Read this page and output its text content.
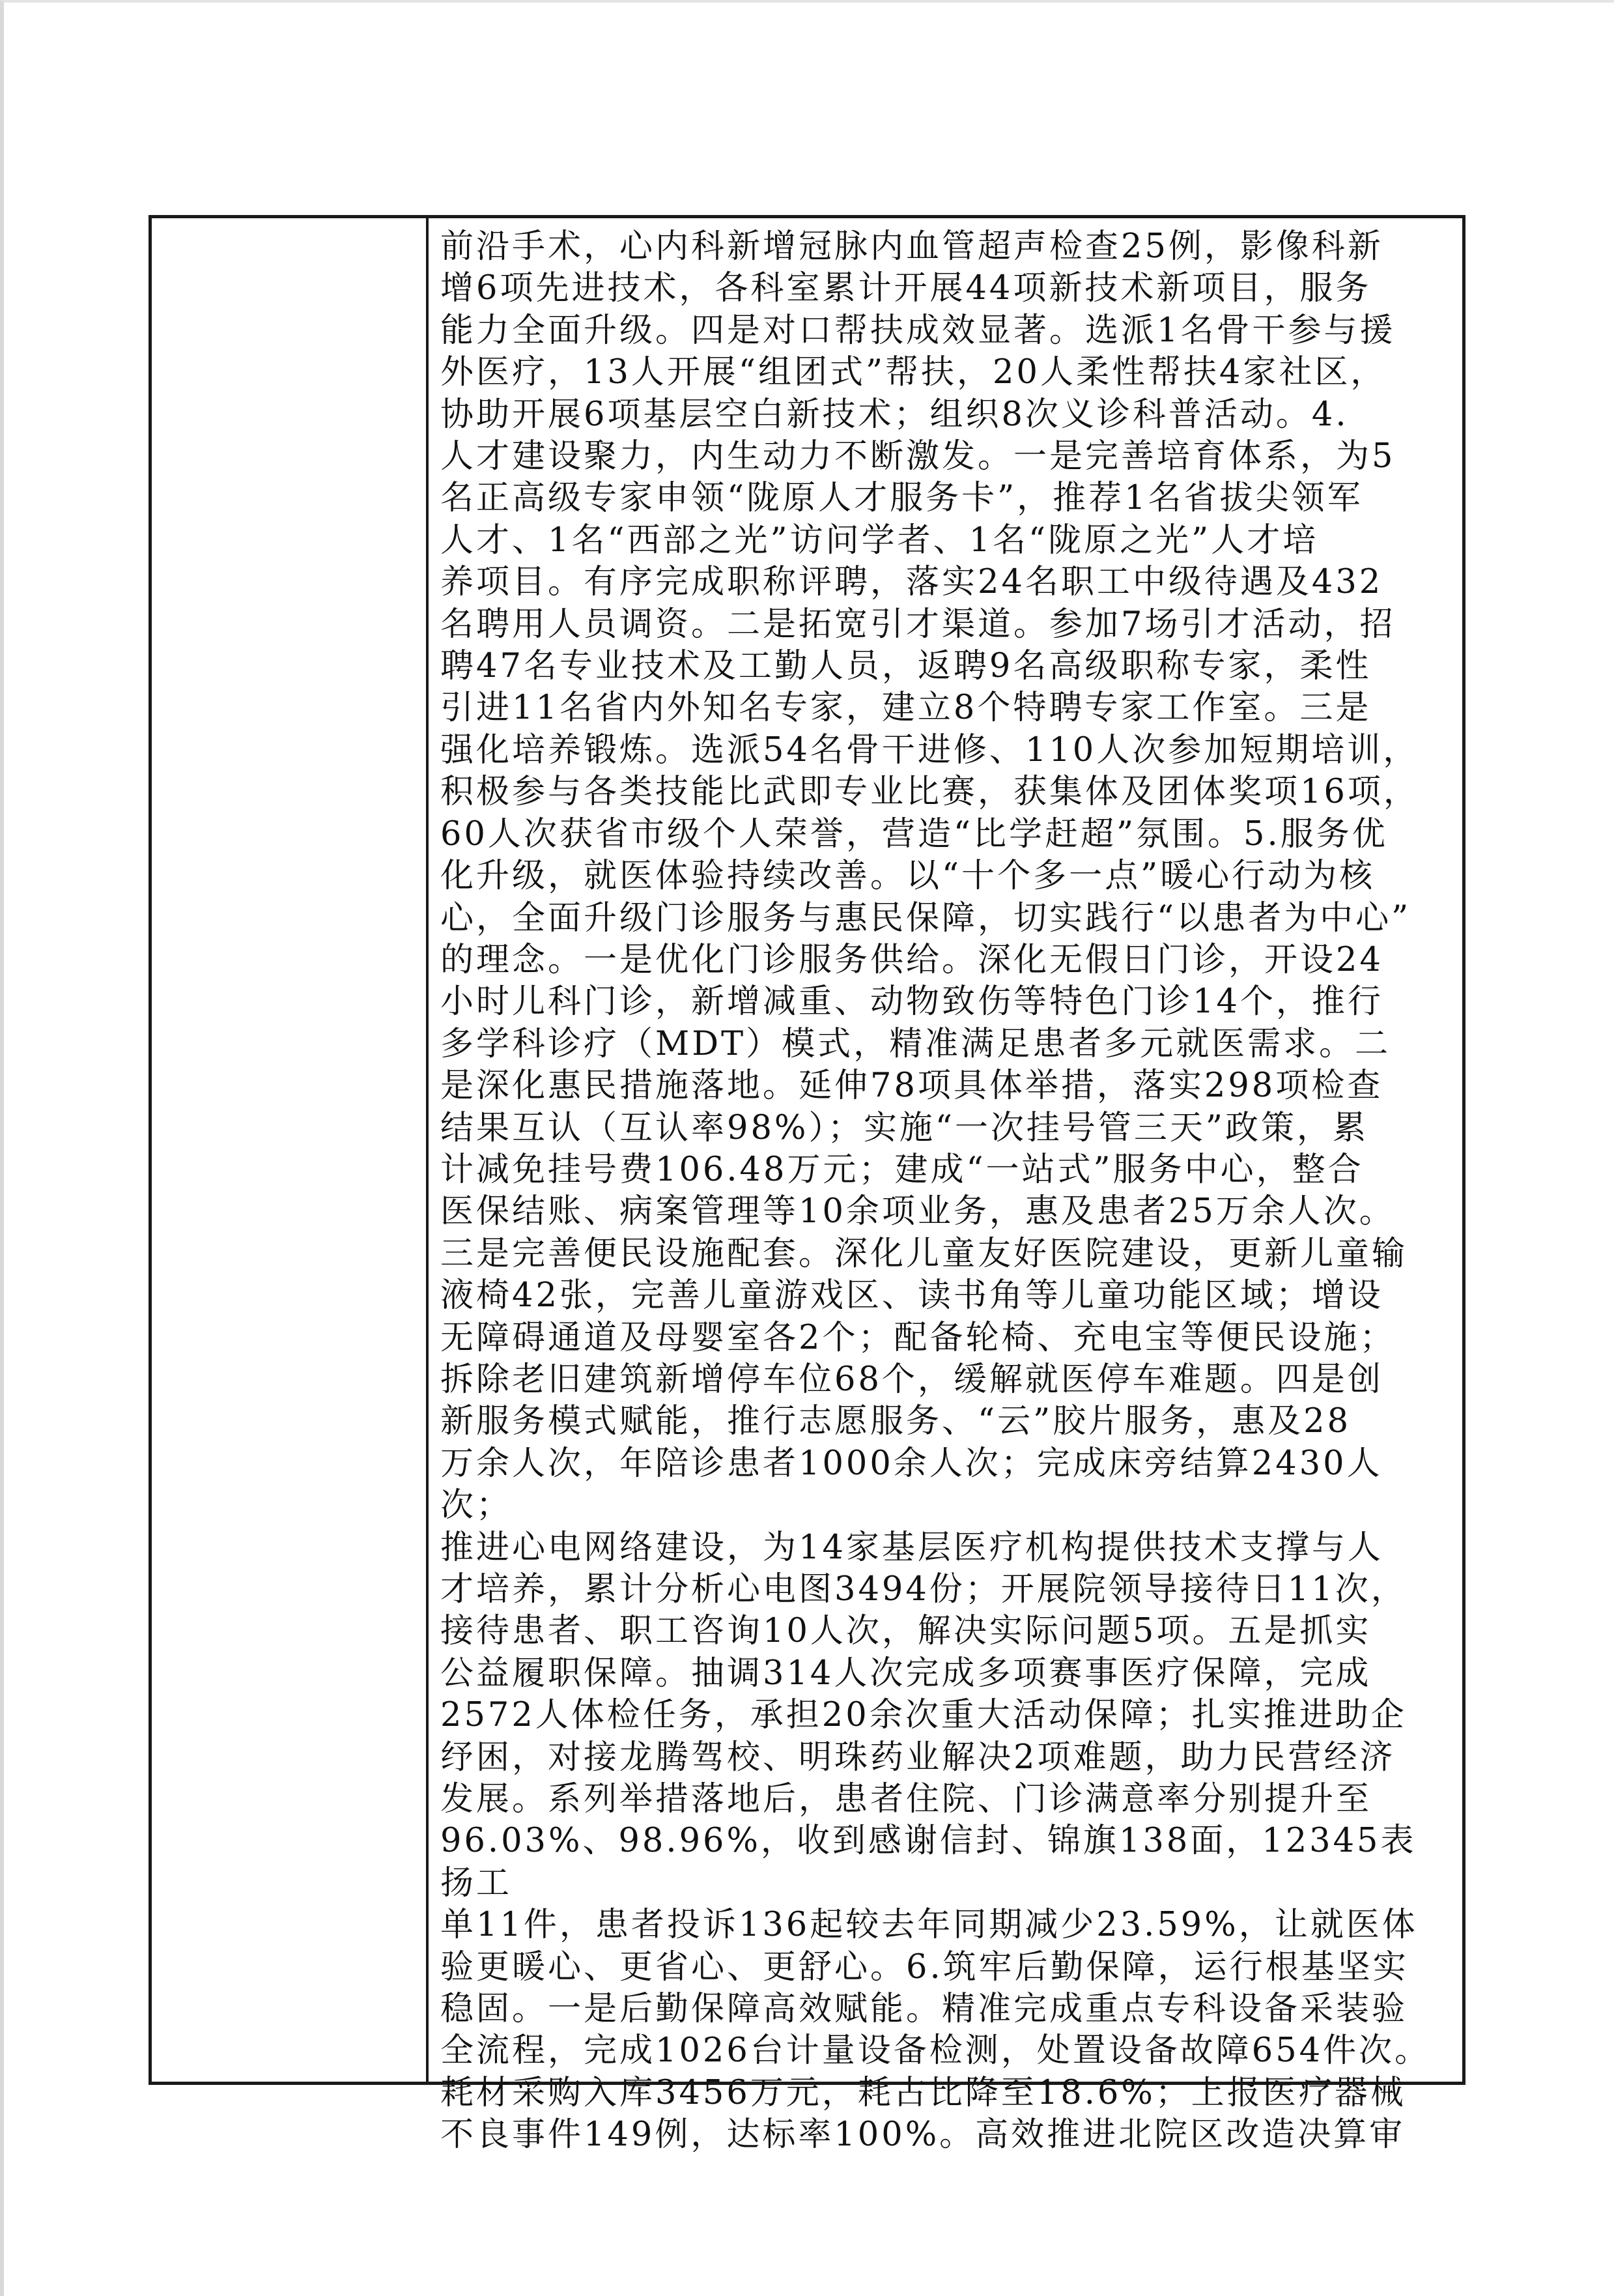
前沿手术，心内科新增冠脉内血管超声检查25例，影像科新
增6项先进技术，各科室累计开展44项新技术新项目，服务
能力全面升级。四是对口帮扶成效显著。选派1名骨干参与援
外医疗，13人开展“组团式”帮扶，20人柔性帮扶4家社区，
协助开展6项基层空白新技术；组织8次义诊科普活动。4.
人才建设聚力，内生动力不断激发。一是完善培育体系，为5
名正高级专家申领“陇原人才服务卡”，推荐1名省拔尖领军
人才、1名“西部之光”访问学者、1名“陇原之光”人才培
养项目。有序完成职称评聘，落实24名职工中级待遇及432
名聘用人员调资。二是拓宽引才渠道。参加7场引才活动，招
聘47名专业技术及工勤人员，返聘9名高级职称专家，柔性
引进11名省内外知名专家，建立8个特聘专家工作室。三是
强化培养锻炼。选派54名骨干进修、110人次参加短期培训，
积极参与各类技能比武即专业比赛，获集体及团体奖项16项，
60人次获省市级个人荣誉，营造“比学赶超”氛围。5.服务优
化升级，就医体验持续改善。以“十个多一点”暖心行动为核
心，全面升级门诊服务与惠民保障，切实践行“以患者为中心”
的理念。一是优化门诊服务供给。深化无假日门诊，开设24
小时儿科门诊，新增减重、动物致伤等特色门诊14个，推行
多学科诊疗（MDT）模式，精准满足患者多元就医需求。二
是深化惠民措施落地。延伸78项具体举措，落实298项检查
结果互认（互认率98%）；实施“一次挂号管三天”政策，累
计减免挂号费106.48万元；建成“一站式”服务中心，整合
医保结账、病案管理等10余项业务，惠及患者25万余人次。
三是完善便民设施配套。深化儿童友好医院建设，更新儿童输
液椅42张，完善儿童游戏区、读书角等儿童功能区域；增设
无障碍通道及母婴室各2个；配备轮椅、充电宝等便民设施；
拆除老旧建筑新增停车位68个，缓解就医停车难题。四是创
新服务模式赋能，推行志愿服务、“云”胶片服务，惠及28
万余人次，年陪诊患者1000余人次；完成床旁结算2430人次；
推进心电网络建设，为14家基层医疗机构提供技术支撑与人
才培养，累计分析心电图3494份；开展院领导接待日11次，
接待患者、职工咨询10人次，解决实际问题5项。五是抓实
公益履职保障。抽调314人次完成多项赛事医疗保障，完成
2572人体检任务，承担20余次重大活动保障；扎实推进助企
纾困，对接龙腾驾校、明珠药业解决2项难题，助力民营经济
发展。系列举措落地后，患者住院、门诊满意率分别提升至
96.03%、98.96%，收到感谢信封、锦旗138面，12345表扬工
单11件，患者投诉136起较去年同期减少23.59%，让就医体
验更暖心、更省心、更舒心。6.筑牢后勤保障，运行根基坚实
稳固。一是后勤保障高效赋能。精准完成重点专科设备采装验
全流程，完成1026台计量设备检测，处置设备故障654件次。
耗材采购入库3456万元，耗占比降至18.6%；上报医疗器械
不良事件149例，达标率100%。高效推进北院区改造决算审
